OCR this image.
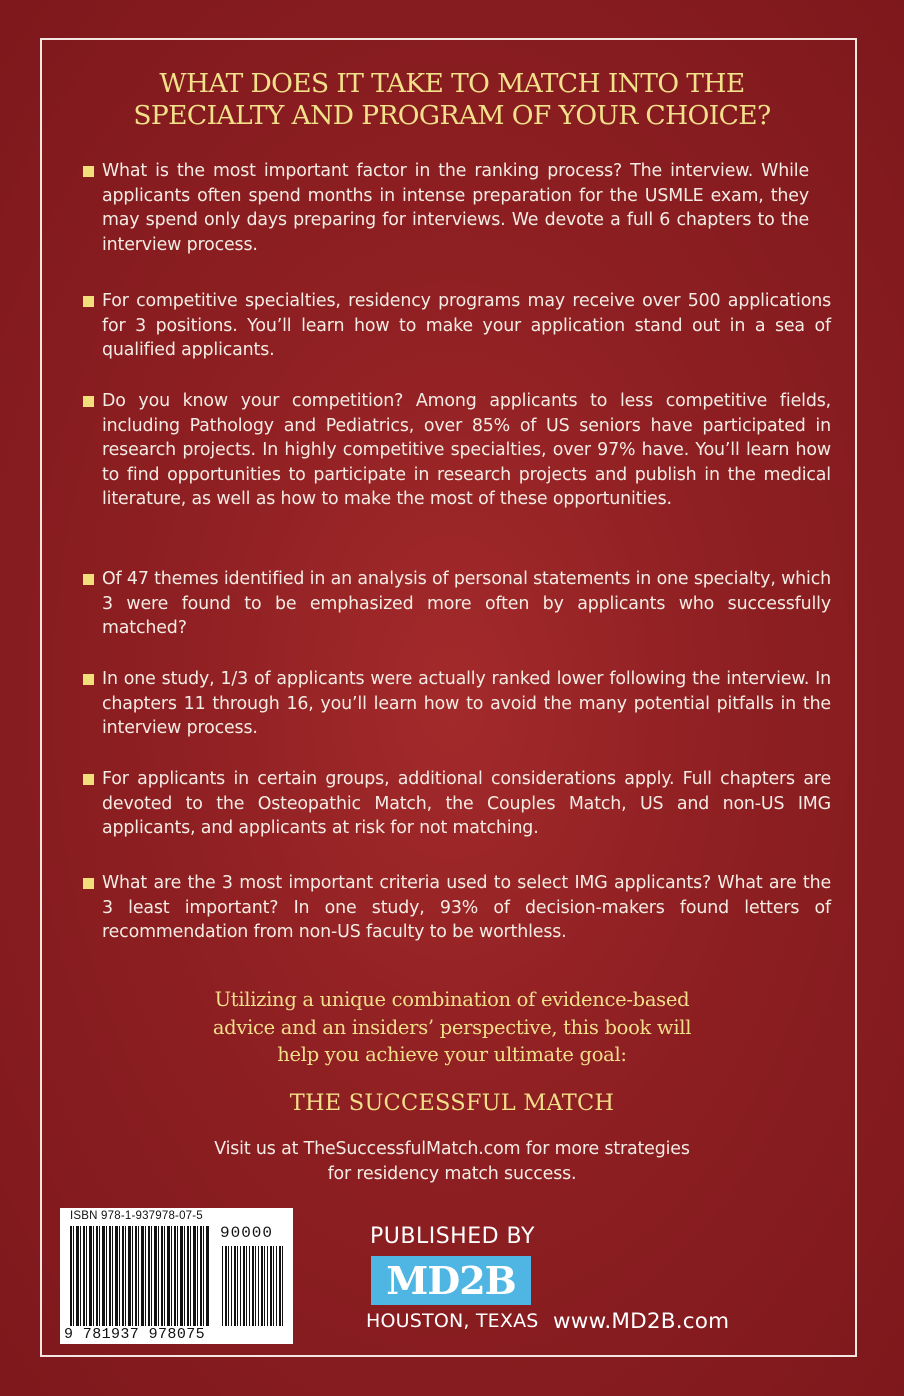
WHAT DOES IT TAKE TO MATCH INTO THE
SPECIALTY AND PROGRAM OF YOUR CHOICE?
What is the most important factor in the ranking process? The interview. While applicants often spend months in intense preparation for the USMLE exam, they may spend only days preparing for interviews. We devote a full 6 chapters to the interview process.
For competitive specialties, residency programs may receive over 500 applications for 3 positions. You’ll learn how to make your application stand out in a sea of qualified applicants.
Do you know your competition? Among applicants to less competitive fields, including Pathology and Pediatrics, over 85% of US seniors have participated in research projects. In highly competitive specialties, over 97% have. You’ll learn how to find opportunities to participate in research projects and publish in the medical literature, as well as how to make the most of these opportunities.
Of 47 themes identified in an analysis of personal statements in one specialty, which 3 were found to be emphasized more often by applicants who successfully matched?
In one study, 1/3 of applicants were actually ranked lower following the interview. In chapters 11 through 16, you’ll learn how to avoid the many potential pitfalls in the interview process.
For applicants in certain groups, additional considerations apply. Full chapters are devoted to the Osteopathic Match, the Couples Match, US and non-US IMG applicants, and applicants at risk for not matching.
What are the 3 most important criteria used to select IMG applicants? What are the 3 least important? In one study, 93% of decision-makers found letters of recommendation from non-US faculty to be worthless.
Utilizing a unique combination of evidence-based
advice and an insiders’ perspective, this book will
help you achieve your ultimate goal:
THE SUCCESSFUL MATCH
Visit us at TheSuccessfulMatch.com for more strategies
for residency match success.
ISBN 978-1-937978-07-5
90000
9 781937 978075
PUBLISHED BY
MD2B
HOUSTON, TEXAS www.MD2B.com
